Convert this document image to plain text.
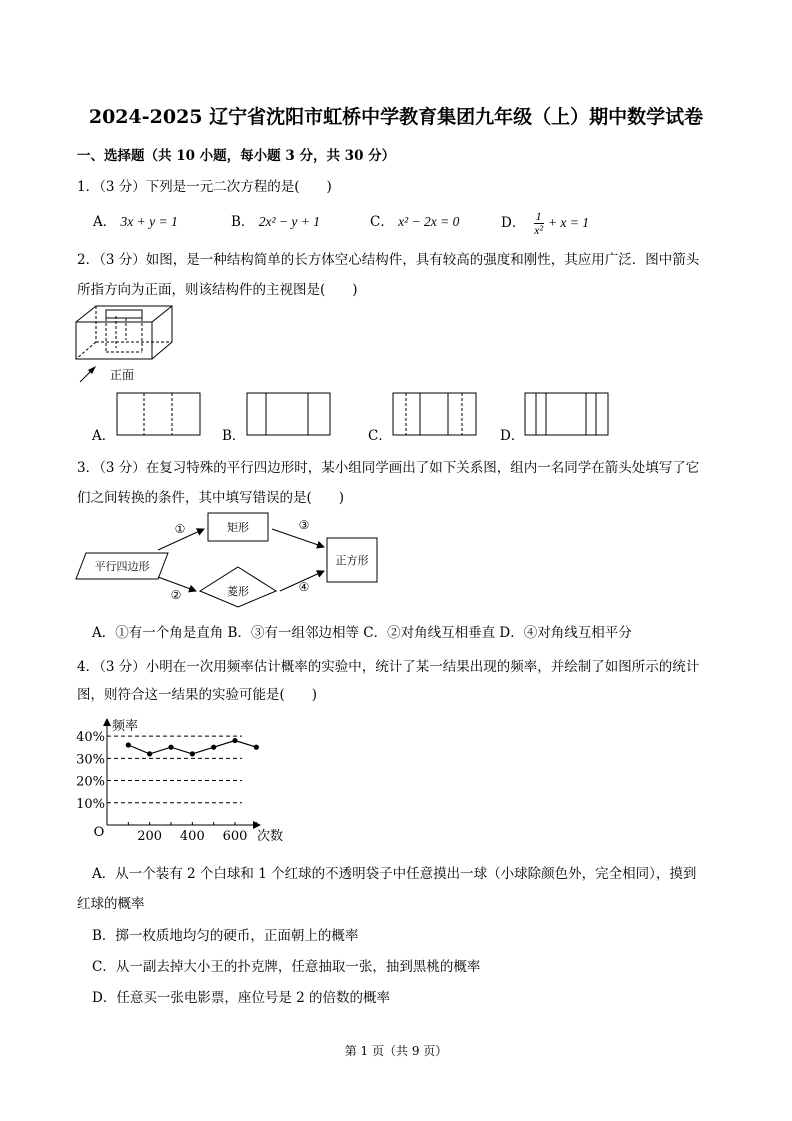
2024-2025 辽宁省沈阳市虹桥中学教育集团九年级（上）期中数学试卷
一、选择题（共 10 小题，每小题 3 分，共 30 分）
1．（3 分）下列是一元二次方程的是(　　)
A． 3x + y = 1	B． 2x² − y + 1	C． x² − 2x = 0	D． $\frac{1}{\text{x²}} + x = 1$
2．（3 分）如图，是一种结构简单的长方体空心结构件，具有较高的强度和刚性，其应用广泛．图中箭头
所指方向为正面，则该结构件的主视图是(　　)
正面
A．	B．	C．	D．
3．（3 分）在复习特殊的平行四边形时，某小组同学画出了如下关系图，组内一名同学在箭头处填写了它
们之间转换的条件，其中填写错误的是(　　)
平行四边形
矩形
菱形
正方形
①
②
③
④
A．①有一个角是直角 B．③有一组邻边相等 C．②对角线互相垂直 D．④对角线互相平分
4．（3 分）小明在一次用频率估计概率的实验中，统计了某一结果出现的频率，并绘制了如图所示的统计
图，则符合这一结果的实验可能是(　　)
10%
20%
30%
40%
200 400 600
频率
次数
O
A．从一个装有 2 个白球和 1 个红球的不透明袋子中任意摸出一球（小球除颜色外，完全相同），摸到
红球的概率
B．掷一枚质地均匀的硬币，正面朝上的概率
C．从一副去掉大小王的扑克牌，任意抽取一张，抽到黑桃的概率
D．任意买一张电影票，座位号是 2 的倍数的概率
第 1 页（共 9 页）
